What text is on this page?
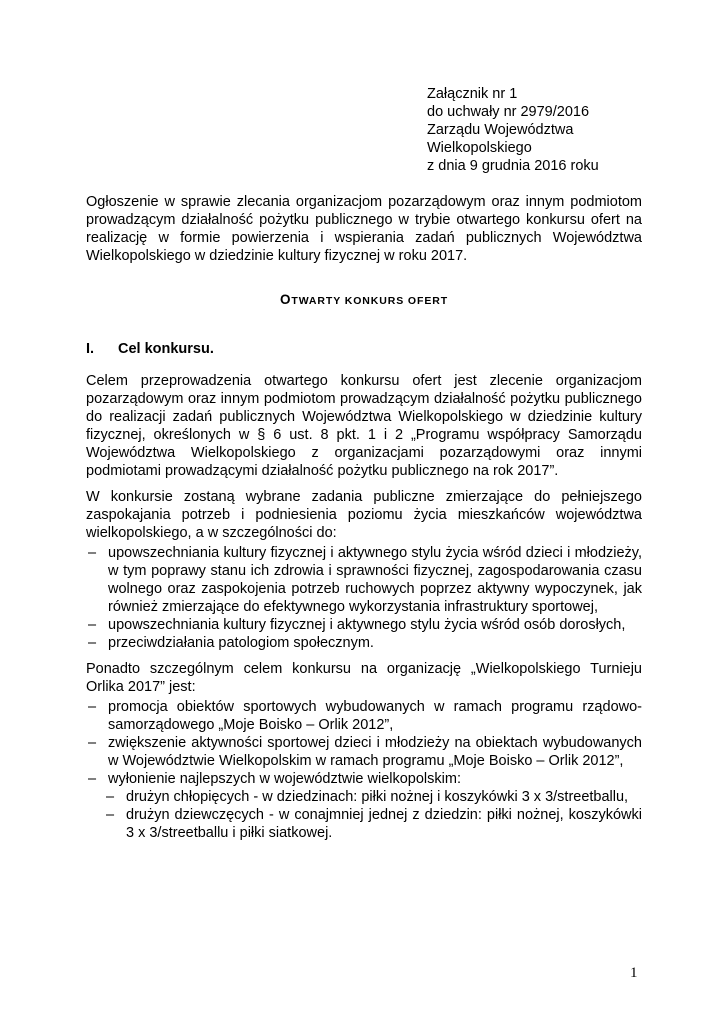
Załącznik nr 1
do uchwały nr 2979/2016
Zarządu Województwa
Wielkopolskiego
z dnia 9 grudnia 2016 roku
Ogłoszenie w sprawie zlecania organizacjom pozarządowym oraz innym podmiotom prowadzącym działalność pożytku publicznego w trybie otwartego konkursu ofert na realizację w formie powierzenia i wspierania zadań publicznych Województwa Wielkopolskiego w dziedzinie kultury fizycznej w roku 2017.
OTWARTY KONKURS OFERT
I. Cel konkursu.
Celem przeprowadzenia otwartego konkursu ofert jest zlecenie organizacjom pozarządowym oraz innym podmiotom prowadzącym działalność pożytku publicznego do realizacji zadań publicznych Województwa Wielkopolskiego w dziedzinie kultury fizycznej, określonych w § 6 ust. 8 pkt. 1 i 2 „Programu współpracy Samorządu Województwa Wielkopolskiego z organizacjami pozarządowymi oraz innymi podmiotami prowadzącymi działalność pożytku publicznego na rok 2017”.
W konkursie zostaną wybrane zadania publiczne zmierzające do pełniejszego zaspokajania potrzeb i podniesienia poziomu życia mieszkańców województwa wielkopolskiego, a w szczególności do:
– upowszechniania kultury fizycznej i aktywnego stylu życia wśród dzieci i młodzieży, w tym poprawy stanu ich zdrowia i sprawności fizycznej, zagospodarowania czasu wolnego oraz zaspokojenia potrzeb ruchowych poprzez aktywny wypoczynek, jak również zmierzające do efektywnego wykorzystania infrastruktury sportowej,
– upowszechniania kultury fizycznej i aktywnego stylu życia wśród osób dorosłych,
– przeciwdziałania patologiom społecznym.
Ponadto szczególnym celem konkursu na organizację „Wielkopolskiego Turnieju Orlika 2017” jest:
– promocja obiektów sportowych wybudowanych w ramach programu rządowo-samorządowego „Moje Boisko – Orlik 2012”,
– zwiększenie aktywności sportowej dzieci i młodzieży na obiektach wybudowanych w Województwie Wielkopolskim w ramach programu „Moje Boisko – Orlik 2012”,
– wyłonienie najlepszych w województwie wielkopolskim:
– drużyn chłopięcych - w dziedzinach: piłki nożnej i koszykówki 3 x 3/streetballu,
– drużyn dziewczęcych - w conajmniej jednej z dziedzin: piłki nożnej, koszykówki 3 x 3/streetballu i piłki siatkowej.
1
